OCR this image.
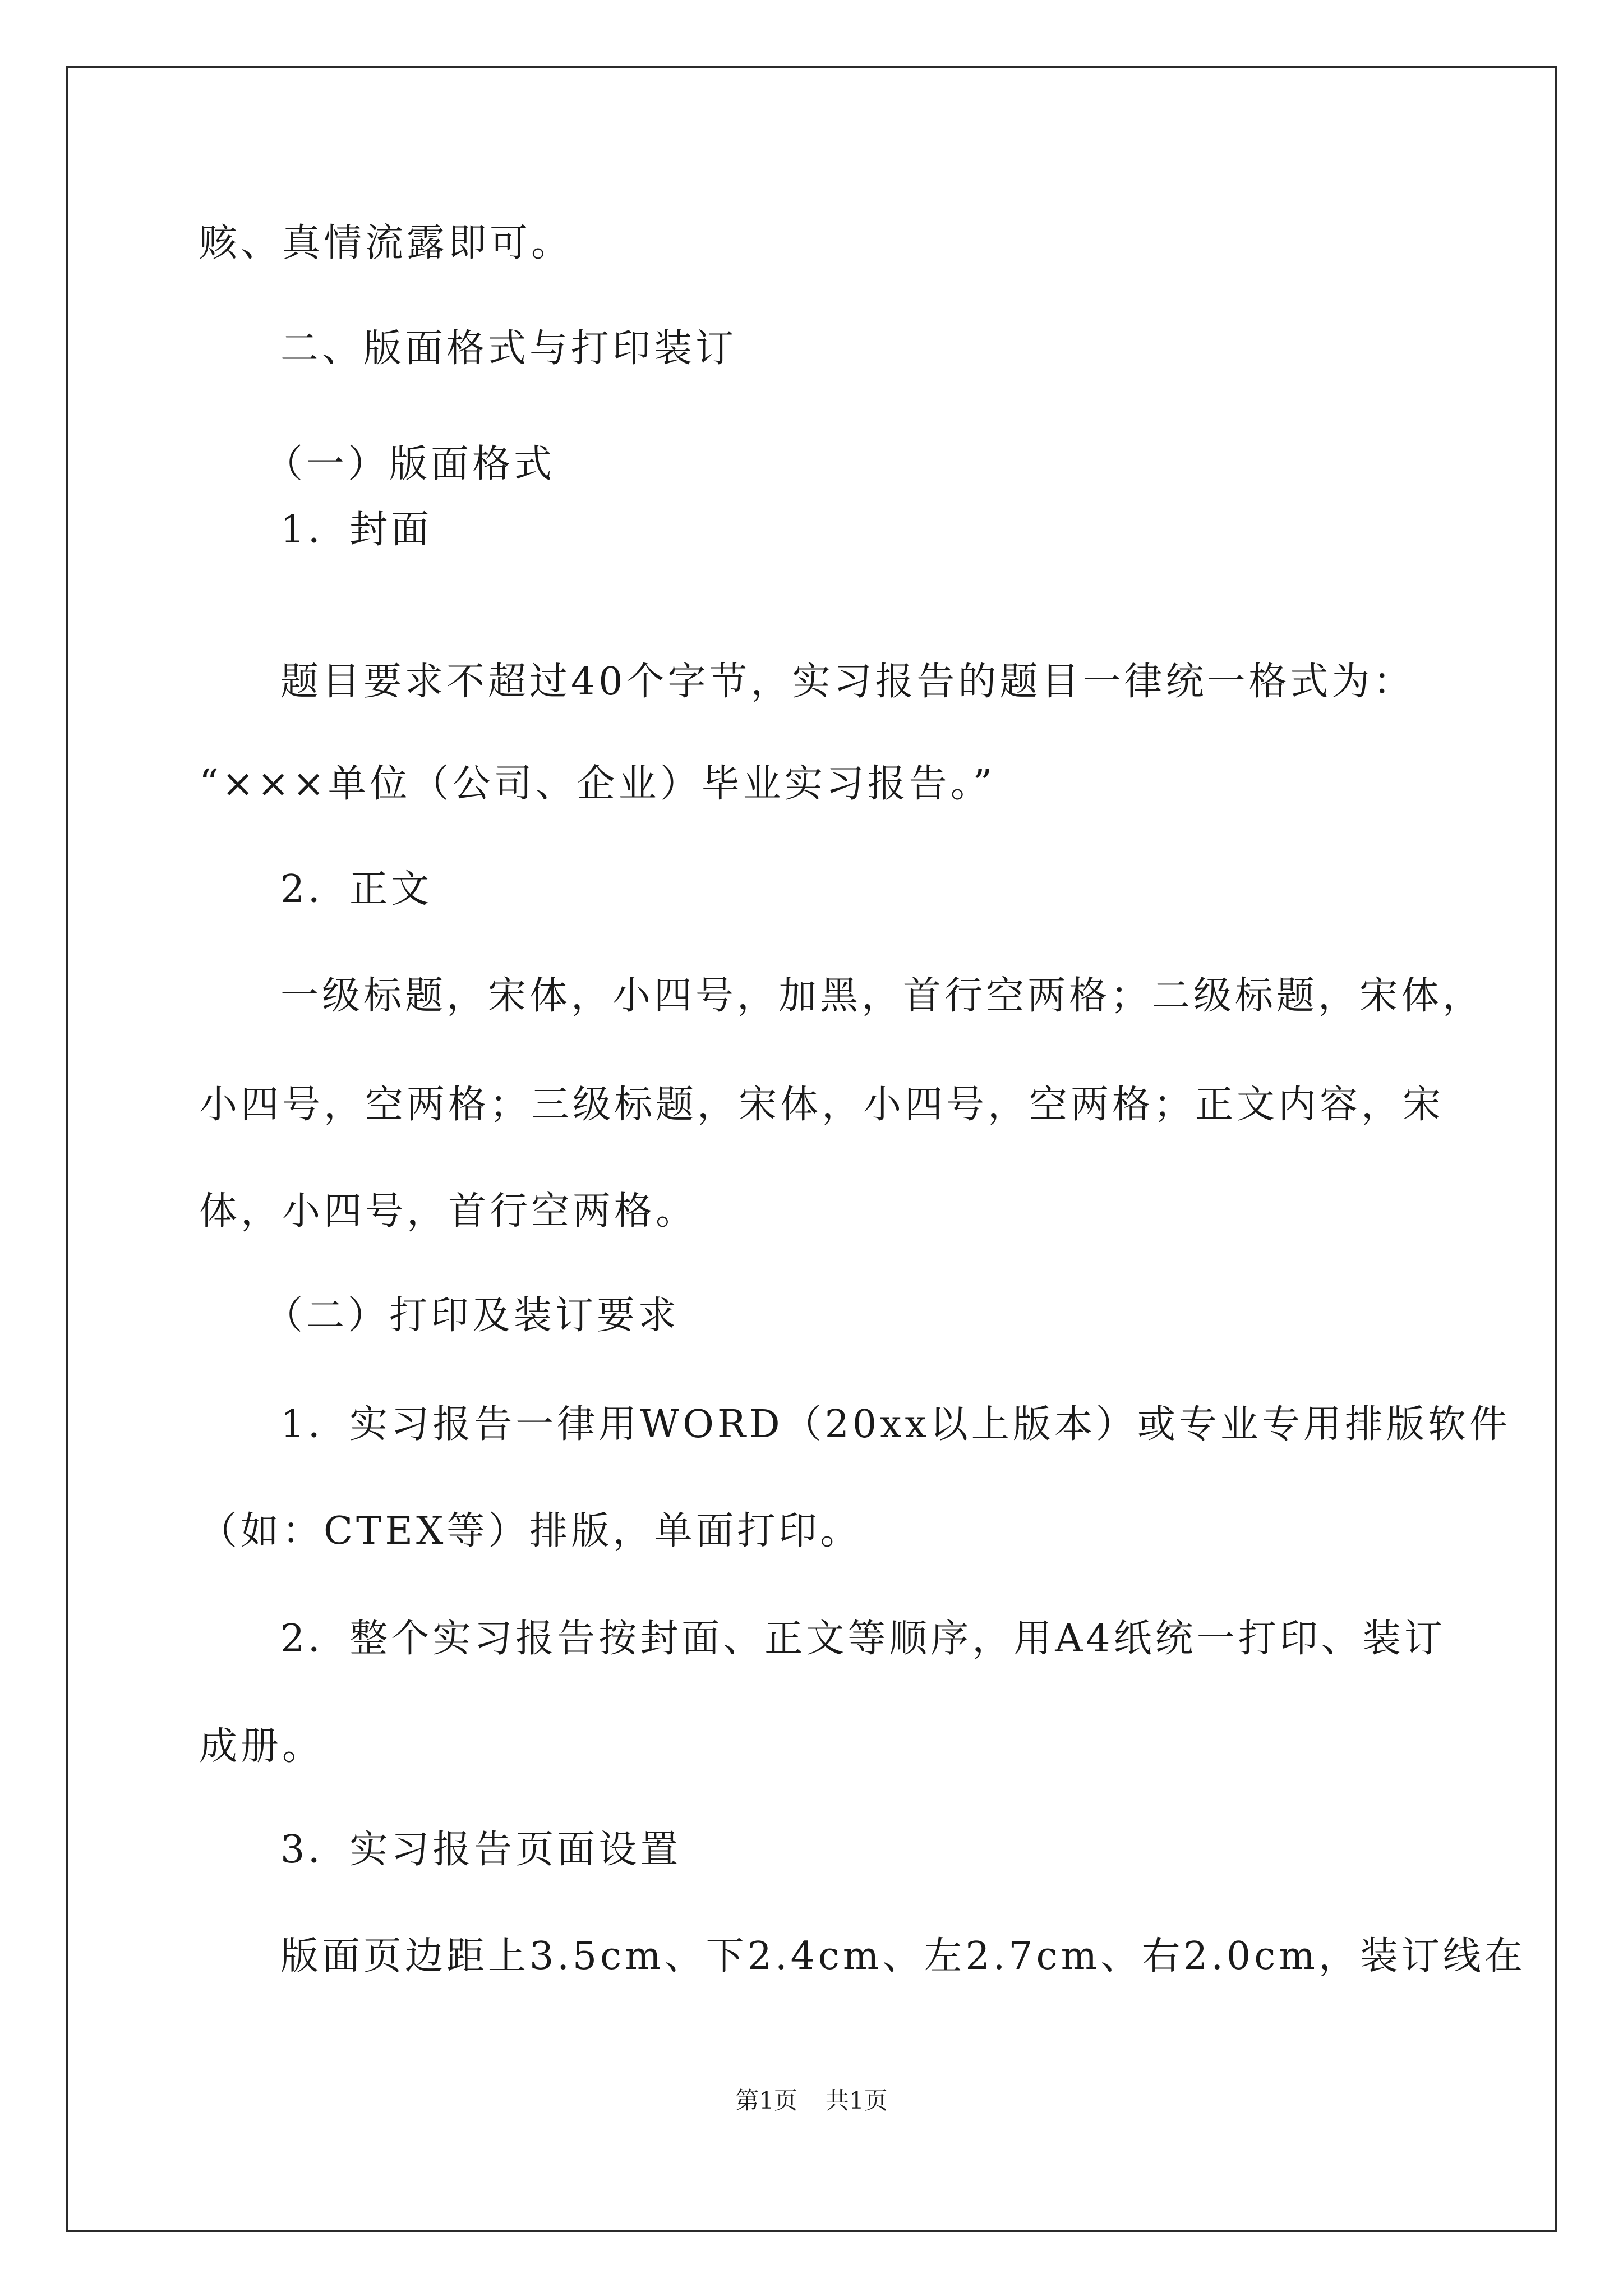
赅、真情流露即可。
二、版面格式与打印装订
（一）版面格式
1．封面
题目要求不超过40个字节，实习报告的题目一律统一格式为：
“×××单位（公司、企业）毕业实习报告。”
2．正文
一级标题，宋体，小四号，加黑，首行空两格；二级标题，宋体，
小四号，空两格；三级标题，宋体，小四号，空两格；正文内容，宋
体，小四号，首行空两格。
（二）打印及装订要求
1．实习报告一律用WORD（20xx以上版本）或专业专用排版软件
（如：CTEX等）排版，单面打印。
2．整个实习报告按封面、正文等顺序，用A4纸统一打印、装订
成册。
3．实习报告页面设置
版面页边距上3.5cm、下2.4cm、左2.7cm、右2.0cm，装订线在
第1页 共1页
